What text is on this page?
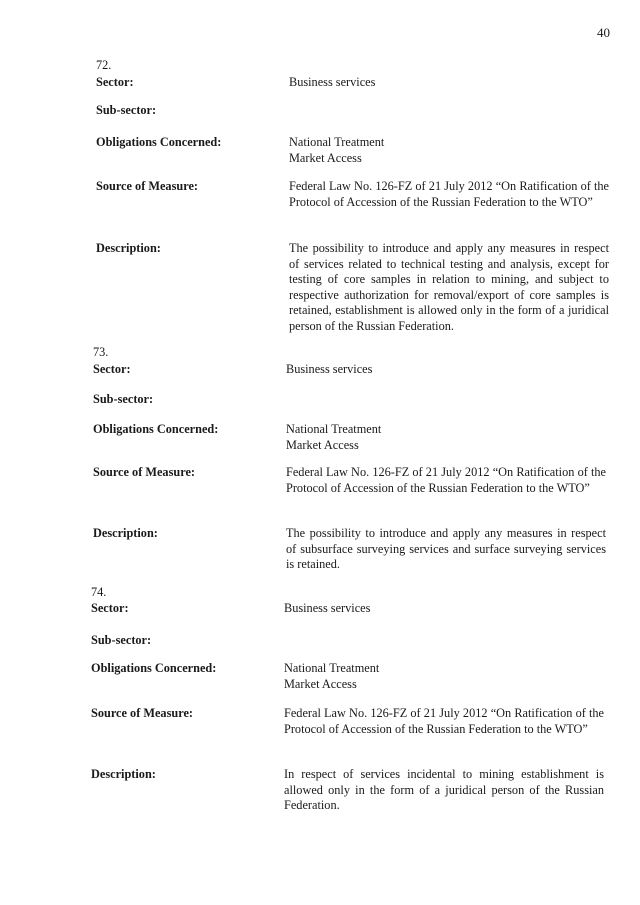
40
72.
Sector:	Business services
Sub-sector:
Obligations Concerned:	National Treatment

Market Access

Source of Measure:	Federal Law No. 126-FZ of 21 July 2012 “On Ratification of the Protocol of Accession of the Russian Federation to the WTO”
Description:	The possibility to introduce and apply any measures in respect of services related to technical testing and analysis, except for testing of core samples in relation to mining, and subject to respective authorization for removal/export of core samples is retained, establishment is allowed only in the form of a juridical person of the Russian Federation.
73.
Sector:	Business services
Sub-sector:
Obligations Concerned:	National Treatment

Market Access

Source of Measure:	Federal Law No. 126-FZ of 21 July 2012 “On Ratification of the Protocol of Accession of the Russian Federation to the WTO”
Description:	The possibility to introduce and apply any measures in respect of subsurface surveying services and surface surveying services is retained.
74.
Sector:	Business services
Sub-sector:
Obligations Concerned:	National Treatment

Market Access

Source of Measure:	Federal Law No. 126-FZ of 21 July 2012 “On Ratification of the Protocol of Accession of the Russian Federation to the WTO”
Description:	In respect of services incidental to mining establishment is allowed only in the form of a juridical person of the Russian Federation.
